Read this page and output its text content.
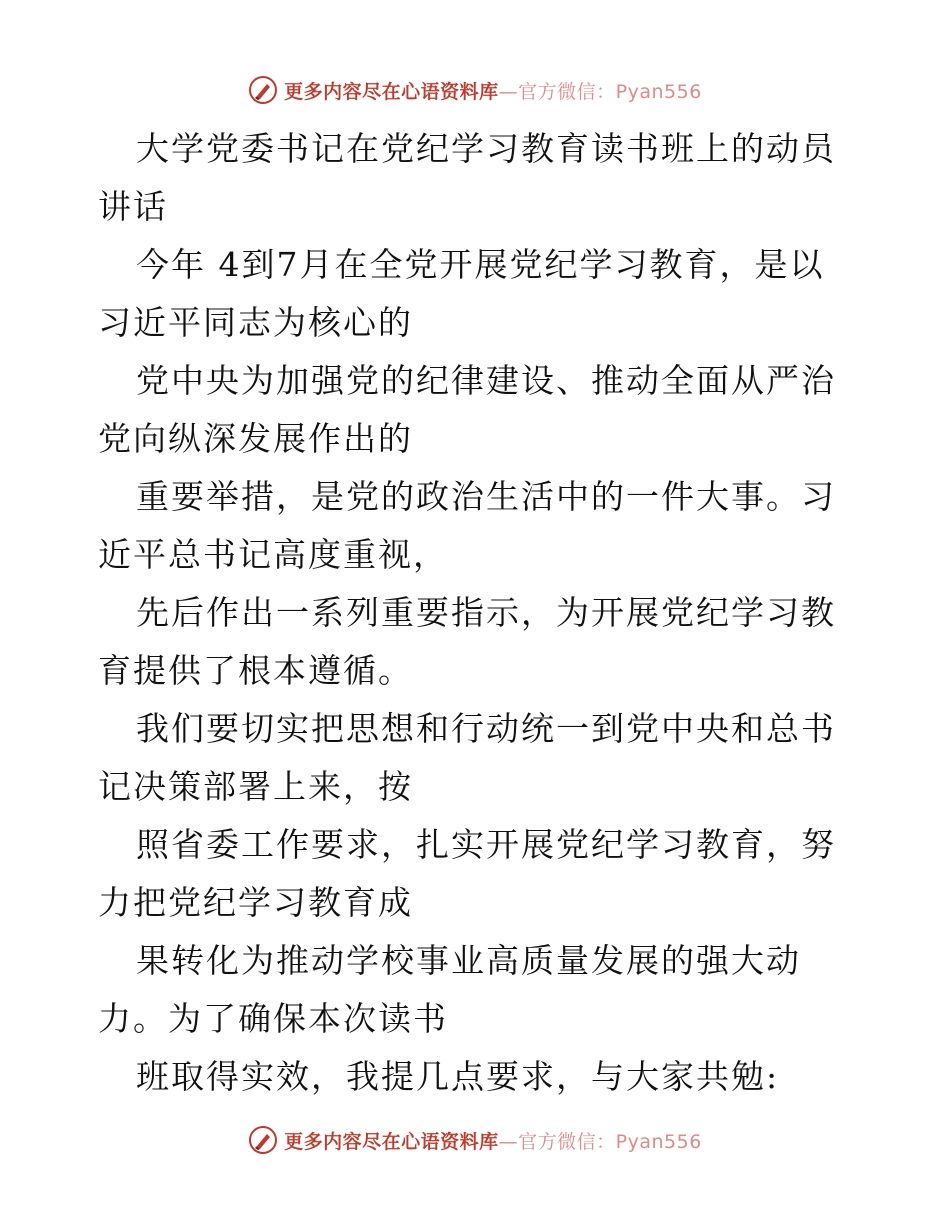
更多内容尽在心语资料库—官方微信：Pyan556

大学党委书记在党纪学习教育读书班上的动员讲话

今年 4到7月在全党开展党纪学习教育，是以习近平同志为核心的

党中央为加强党的纪律建设、推动全面从严治党向纵深发展作出的

重要举措，是党的政治生活中的一件大事。习近平总书记高度重视，

先后作出一系列重要指示，为开展党纪学习教育提供了根本遵循。

我们要切实把思想和行动统一到党中央和总书记决策部署上来，按

照省委工作要求，扎实开展党纪学习教育，努力把党纪学习教育成

果转化为推动学校事业高质量发展的强大动力。为了确保本次读书

班取得实效，我提几点要求，与大家共勉:

更多内容尽在心语资料库—官方微信：Pyan556
